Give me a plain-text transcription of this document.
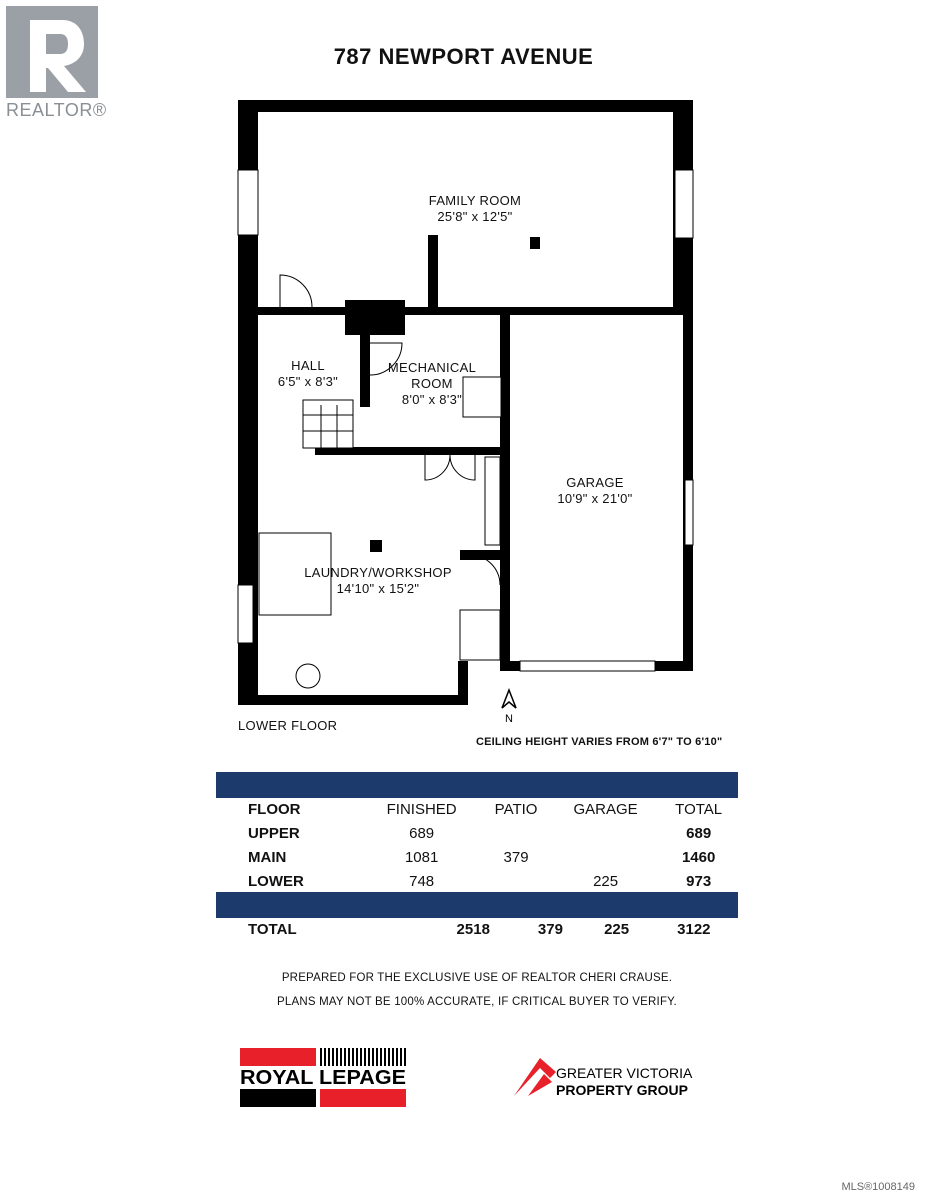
REALTOR®
787 NEWPORT AVENUE
FAMILY ROOM
25'8" x 12'5"
HALL
6'5" x 8'3"
MECHANICAL ROOM
8'0" x 8'3"
GARAGE
10'9" x 21'0"
LAUNDRY/WORKSHOP
14'10" x 15'2"
LOWER FLOOR	N
CEILING HEIGHT VARIES FROM 6'7" TO 6'10"
FLOOR	FINISHED	PATIO	GARAGE	TOTAL
UPPER	689			689
MAIN	1081	379		1460
LOWER	748		225	973
TOTAL	2518	379	225	3122
PREPARED FOR THE EXCLUSIVE USE OF REALTOR CHERI CRAUSE.
PLANS MAY NOT BE 100% ACCURATE, IF CRITICAL BUYER TO VERIFY.
ROYAL LEPAGE	GREATER VICTORIA
PROPERTY GROUP
MLS®1008149
